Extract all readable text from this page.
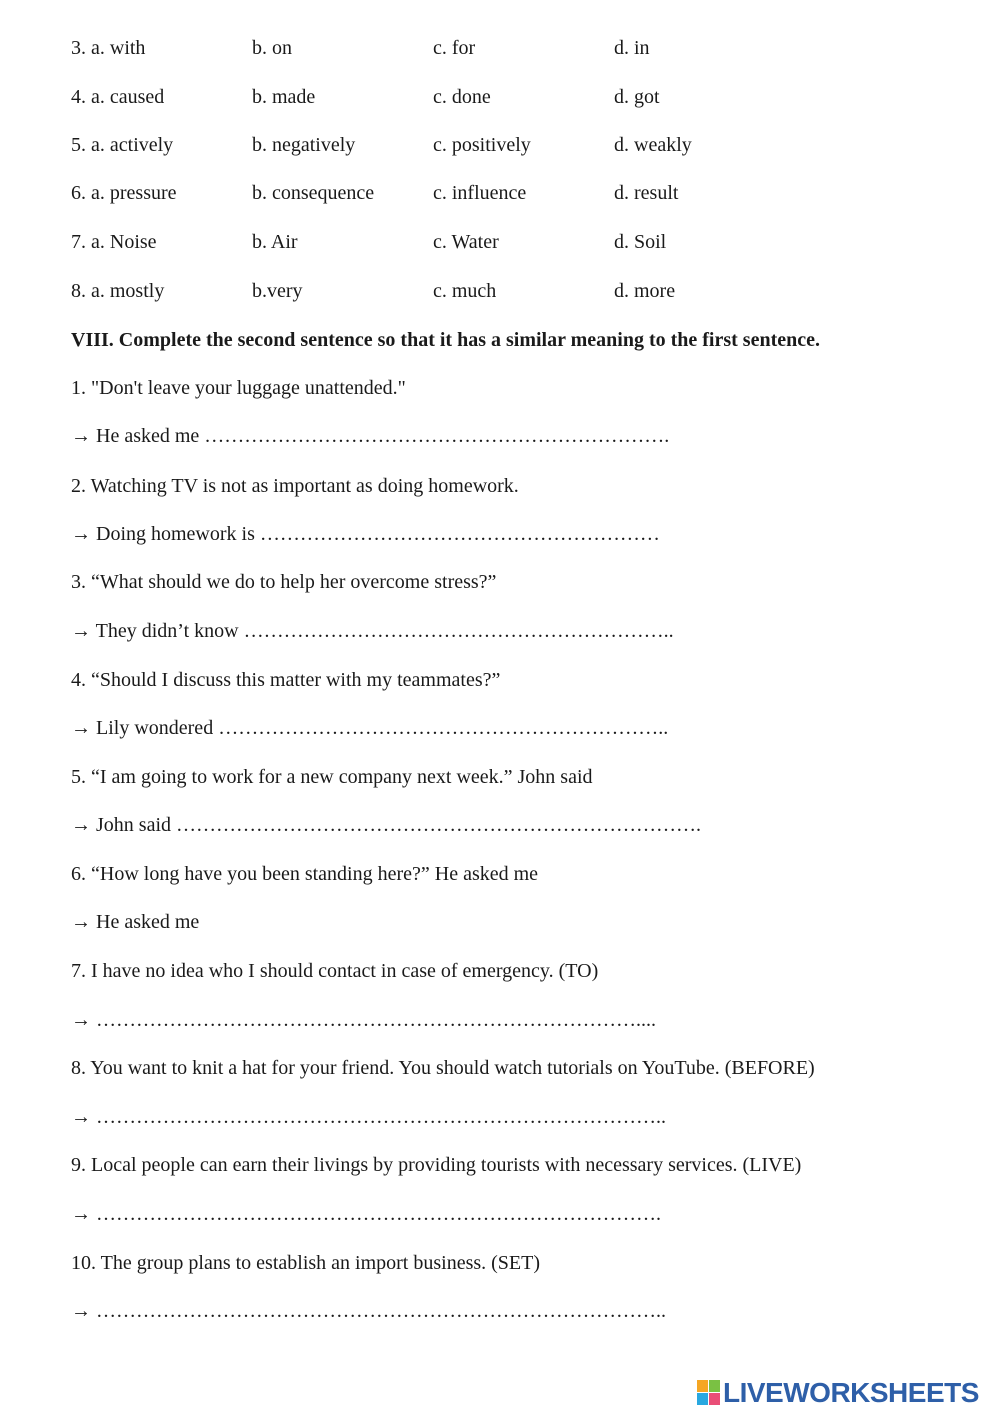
3. a. with	b. on	c. for	d. in
4. a. caused	b. made	c. done	d. got
5. a. actively	b. negatively	c. positively	d. weakly
6. a. pressure	b. consequence	c. influence	d. result
7. a. Noise	b. Air	c. Water	d. Soil
8. a. mostly	b.very	c. much	d. more
VIII. Complete the second sentence so that it has a similar meaning to the first sentence.
1. "Don't leave your luggage unattended."
→ He asked me …………………………………………………………….
2. Watching TV is not as important as doing homework.
→ Doing homework is ……………………………………………………
3. “What should we do to help her overcome stress?”
→ They didn’t know ………………………………………………………..
4. “Should I discuss this matter with my teammates?”
→ Lily wondered …………………………………………………………..
5. “I am going to work for a new company next week.” John said
→ John said …………………………………………………………………….
6. “How long have you been standing here?” He asked me
→ He asked me
7. I have no idea who I should contact in case of emergency. (TO)
→ ………………………………………………………………………....
8. You want to knit a hat for your friend. You should watch tutorials on YouTube. (BEFORE)
→ …………………………………………………………………………..
9. Local people can earn their livings by providing tourists with necessary services. (LIVE)
→ ………………………………………………………………………….
10. The group plans to establish an import business. (SET)
→ …………………………………………………………………………..
LIVEWORKSHEETS
